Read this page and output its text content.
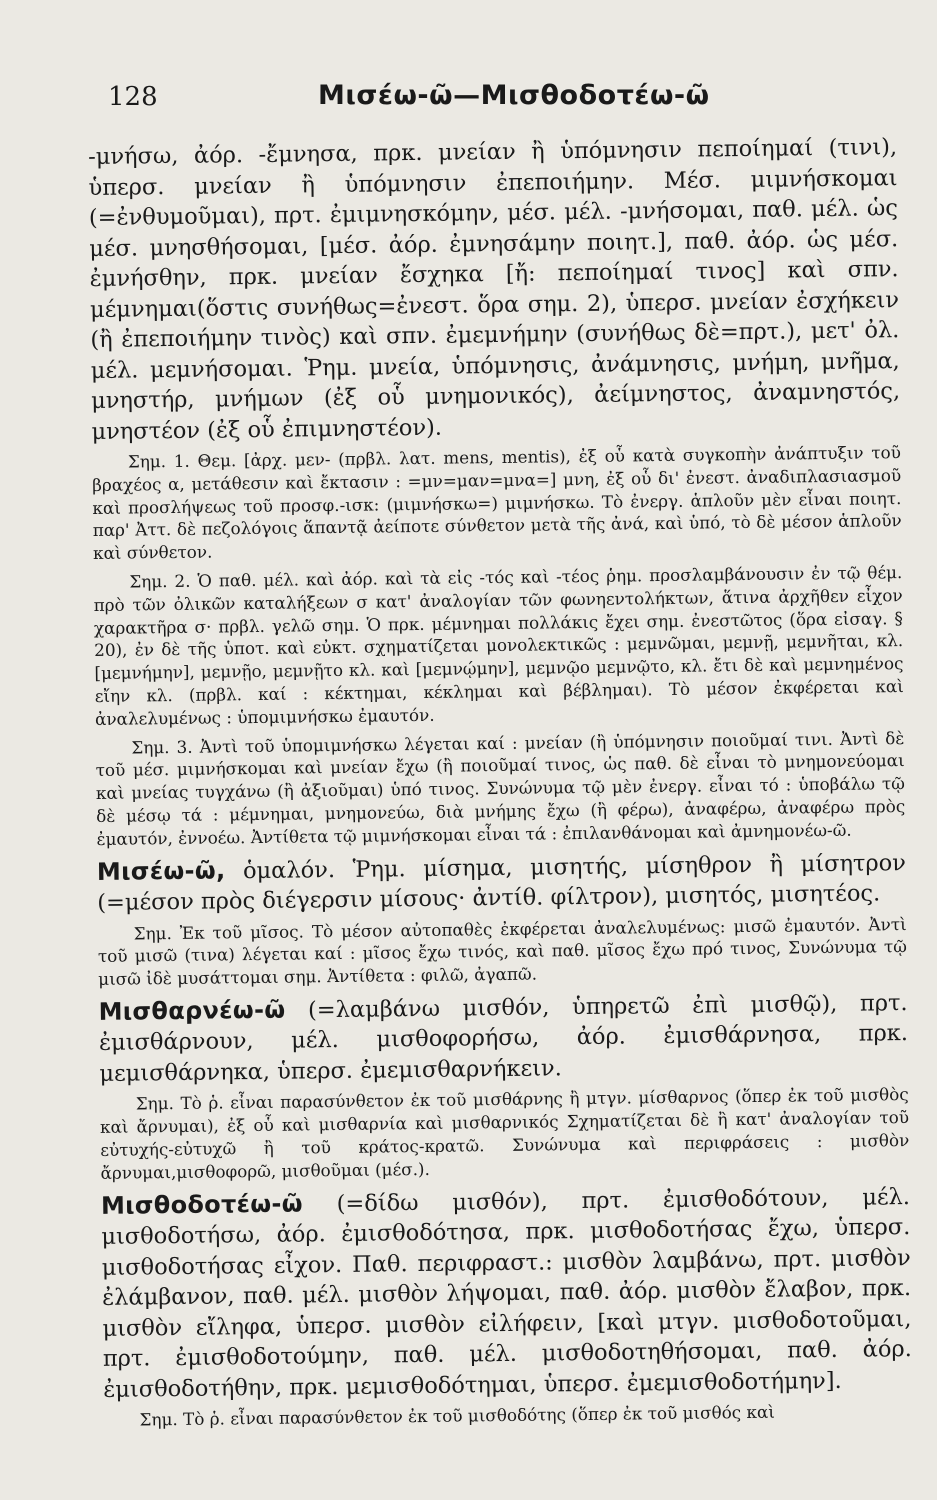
128	Μισέω-ῶ—Μισθοδοτέω-ῶ

-μνήσω, ἀόρ. -ἔμνησα, πρκ. μνείαν ἢ ὑπόμνησιν πεποίημαί (τινι), ὑπερσ. μνείαν ἢ ὑπόμνησιν ἐπεποιήμην. Μέσ. μιμνήσκομαι (=ἐνθυμοῦμαι), πρτ. ἐμιμνησκόμην, μέσ. μέλ. -μνήσομαι, παθ. μέλ. ὡς μέσ. μνησθήσομαι, [μέσ. ἀόρ. ἐμνησάμην ποιητ.], παθ. ἀόρ. ὡς μέσ. ἐμνήσθην, πρκ. μνείαν ἔσχηκα [ἤ: πεποίημαί τινος] καὶ σπν. μέμνημαι(ὅστις συνήθως=ἐνεστ. ὅρα σημ. 2), ὑπερσ. μνείαν ἐσχήκειν (ἢ ἐπεποιήμην τινὸς) καὶ σπν. ἐμεμνήμην (συνήθως δὲ=πρτ.), μετ' ὀλ. μέλ. μεμνήσομαι. Ῥημ. μνεία, ὑπόμνησις, ἀνάμνησις, μνήμη, μνῆμα, μνηστήρ, μνήμων (ἐξ οὗ μνημονικός), ἀείμνηστος, ἀναμνηστός, μνηστέον (ἐξ οὗ ἐπιμνηστέον).

Σημ. 1. Θεμ. [ἀρχ. μεν- (πρβλ. λατ. mens, mentis), ἐξ οὗ κατὰ συγκοπὴν ἀνάπτυξιν τοῦ βραχέος α, μετάθεσιν καὶ ἔκτασιν : =μν=μαν=μνα=] μνη, ἐξ οὗ δι' ἐνεστ. ἀναδιπλασιασμοῦ καὶ προσλήψεως τοῦ προσφ.-ισκ: (μιμνήσκω=) μιμνήσκω. Τὸ ἐνεργ. ἁπλοῦν μὲν εἶναι ποιητ. παρ' Ἀττ. δὲ πεζολόγοις ἅπαντᾷ ἀείποτε σύνθετον μετὰ τῆς ἀνά, καὶ ὑπό, τὸ δὲ μέσον ἁπλοῦν καὶ σύνθετον.

Σημ. 2. Ὁ παθ. μέλ. καὶ ἀόρ. καὶ τὰ εἰς -τός καὶ -τέος ῥημ. προσλαμβάνουσιν ἐν τῷ θέμ. πρὸ τῶν ὀλικῶν καταλήξεων σ κατ' ἀναλογίαν τῶν φωνηεντολήκτων, ἅτινα ἀρχῆθεν εἶχον χαρακτῆρα σ· πρβλ. γελῶ σημ. Ὁ πρκ. μέμνημαι πολλάκις ἔχει σημ. ἐνεστῶτος (ὅρα εἰσαγ. § 20), ἐν δὲ τῆς ὑποτ. καὶ εὐκτ. σχηματίζεται μονολεκτικῶς : μεμνῶμαι, μεμνῇ, μεμνῆται, κλ. [μεμνήμην], μεμνῇο, μεμνῇτο κλ. καὶ [μεμνῴμην], μεμνῷο μεμνῷτο, κλ. ἔτι δὲ καὶ μεμνημένος εἴην κλ. (πρβλ. καί : κέκτημαι, κέκλημαι καὶ βέβλημαι). Τὸ μέσον ἐκφέρεται καὶ ἀναλελυμένως : ὑπομιμνήσκω ἐμαυτόν.

Σημ. 3. Ἀντὶ τοῦ ὑπομιμνήσκω λέγεται καί : μνείαν (ἢ ὑπόμνησιν ποιοῦμαί τινι. Ἀντὶ δὲ τοῦ μέσ. μιμνήσκομαι καὶ μνείαν ἔχω (ἢ ποιοῦμαί τινος, ὡς παθ. δὲ εἶναι τὸ μνημονεύομαι καὶ μνείας τυγχάνω (ἢ ἀξιοῦμαι) ὑπό τινος. Συνώνυμα τῷ μὲν ἐνεργ. εἶναι τό : ὑποβάλω τῷ δὲ μέσῳ τά : μέμνημαι, μνημονεύω, διὰ μνήμης ἔχω (ἢ φέρω), ἀναφέρω, ἀναφέρω πρὸς ἐμαυτόν, ἐννοέω. Ἀντίθετα τῷ μιμνήσκομαι εἶναι τά : ἐπιλανθάνομαι καὶ ἀμνημονέω-ῶ.

Μισέω-ῶ, ὁμαλόν. Ῥημ. μίσημα, μισητής, μίσηθρον ἢ μίσητρον (=μέσον πρὸς διέγερσιν μίσους· ἀντίθ. φίλτρον), μισητός, μισητέος.

Σημ. Ἐκ τοῦ μῖσος. Τὸ μέσον αὐτοπαθὲς ἐκφέρεται ἀναλελυμένως: μισῶ ἐμαυτόν. Ἀντὶ τοῦ μισῶ (τινα) λέγεται καί : μῖσος ἔχω τινός, καὶ παθ. μῖσος ἔχω πρό τινος, Συνώνυμα τῷ μισῶ ἰδὲ μυσάττομαι σημ. Ἀντίθετα : φιλῶ, ἀγαπῶ.

Μισθαρνέω-ῶ (=λαμβάνω μισθόν, ὑπηρετῶ ἐπὶ μισθῷ), πρτ. ἐμισθάρνουν, μέλ. μισθοφορήσω, ἀόρ. ἐμισθάρνησα, πρκ. μεμισθάρνηκα, ὑπερσ. ἐμεμισθαρνήκειν.

Σημ. Τὸ ῥ. εἶναι παρασύνθετον ἐκ τοῦ μισθάρνης ἢ μτγν. μίσθαρνος (ὅπερ ἐκ τοῦ μισθὸς καὶ ἄρνυμαι), ἐξ οὗ καὶ μισθαρνία καὶ μισθαρνικός Σχηματίζεται δὲ ἢ κατ' ἀναλογίαν τοῦ εὐτυχής-εὐτυχῶ ἢ τοῦ κράτος-κρατῶ. Συνώνυμα καὶ περιφράσεις : μισθὸν ἄρνυμαι,μισθοφορῶ, μισθοῦμαι (μέσ.).

Μισθοδοτέω-ῶ (=δίδω μισθόν), πρτ. ἐμισθοδότουν, μέλ. μισθοδοτήσω, ἀόρ. ἐμισθοδότησα, πρκ. μισθοδοτήσας ἔχω, ὑπερσ. μισθοδοτήσας εἶχον. Παθ. περιφραστ.: μισθὸν λαμβάνω, πρτ. μισθὸν ἐλάμβανον, παθ. μέλ. μισθὸν λήψομαι, παθ. ἀόρ. μισθὸν ἔλαβον, πρκ. μισθὸν εἴληφα, ὑπερσ. μισθὸν εἰλήφειν, [καὶ μτγν. μισθοδοτοῦμαι, πρτ. ἐμισθοδοτούμην, παθ. μέλ. μισθοδοτηθήσομαι, παθ. ἀόρ. ἐμισθοδοτήθην, πρκ. μεμισθοδότημαι, ὑπερσ. ἐμεμισθοδοτήμην].

Σημ. Τὸ ῥ. εἶναι παρασύνθετον ἐκ τοῦ μισθοδότης (ὅπερ ἐκ τοῦ μισθός καὶ
